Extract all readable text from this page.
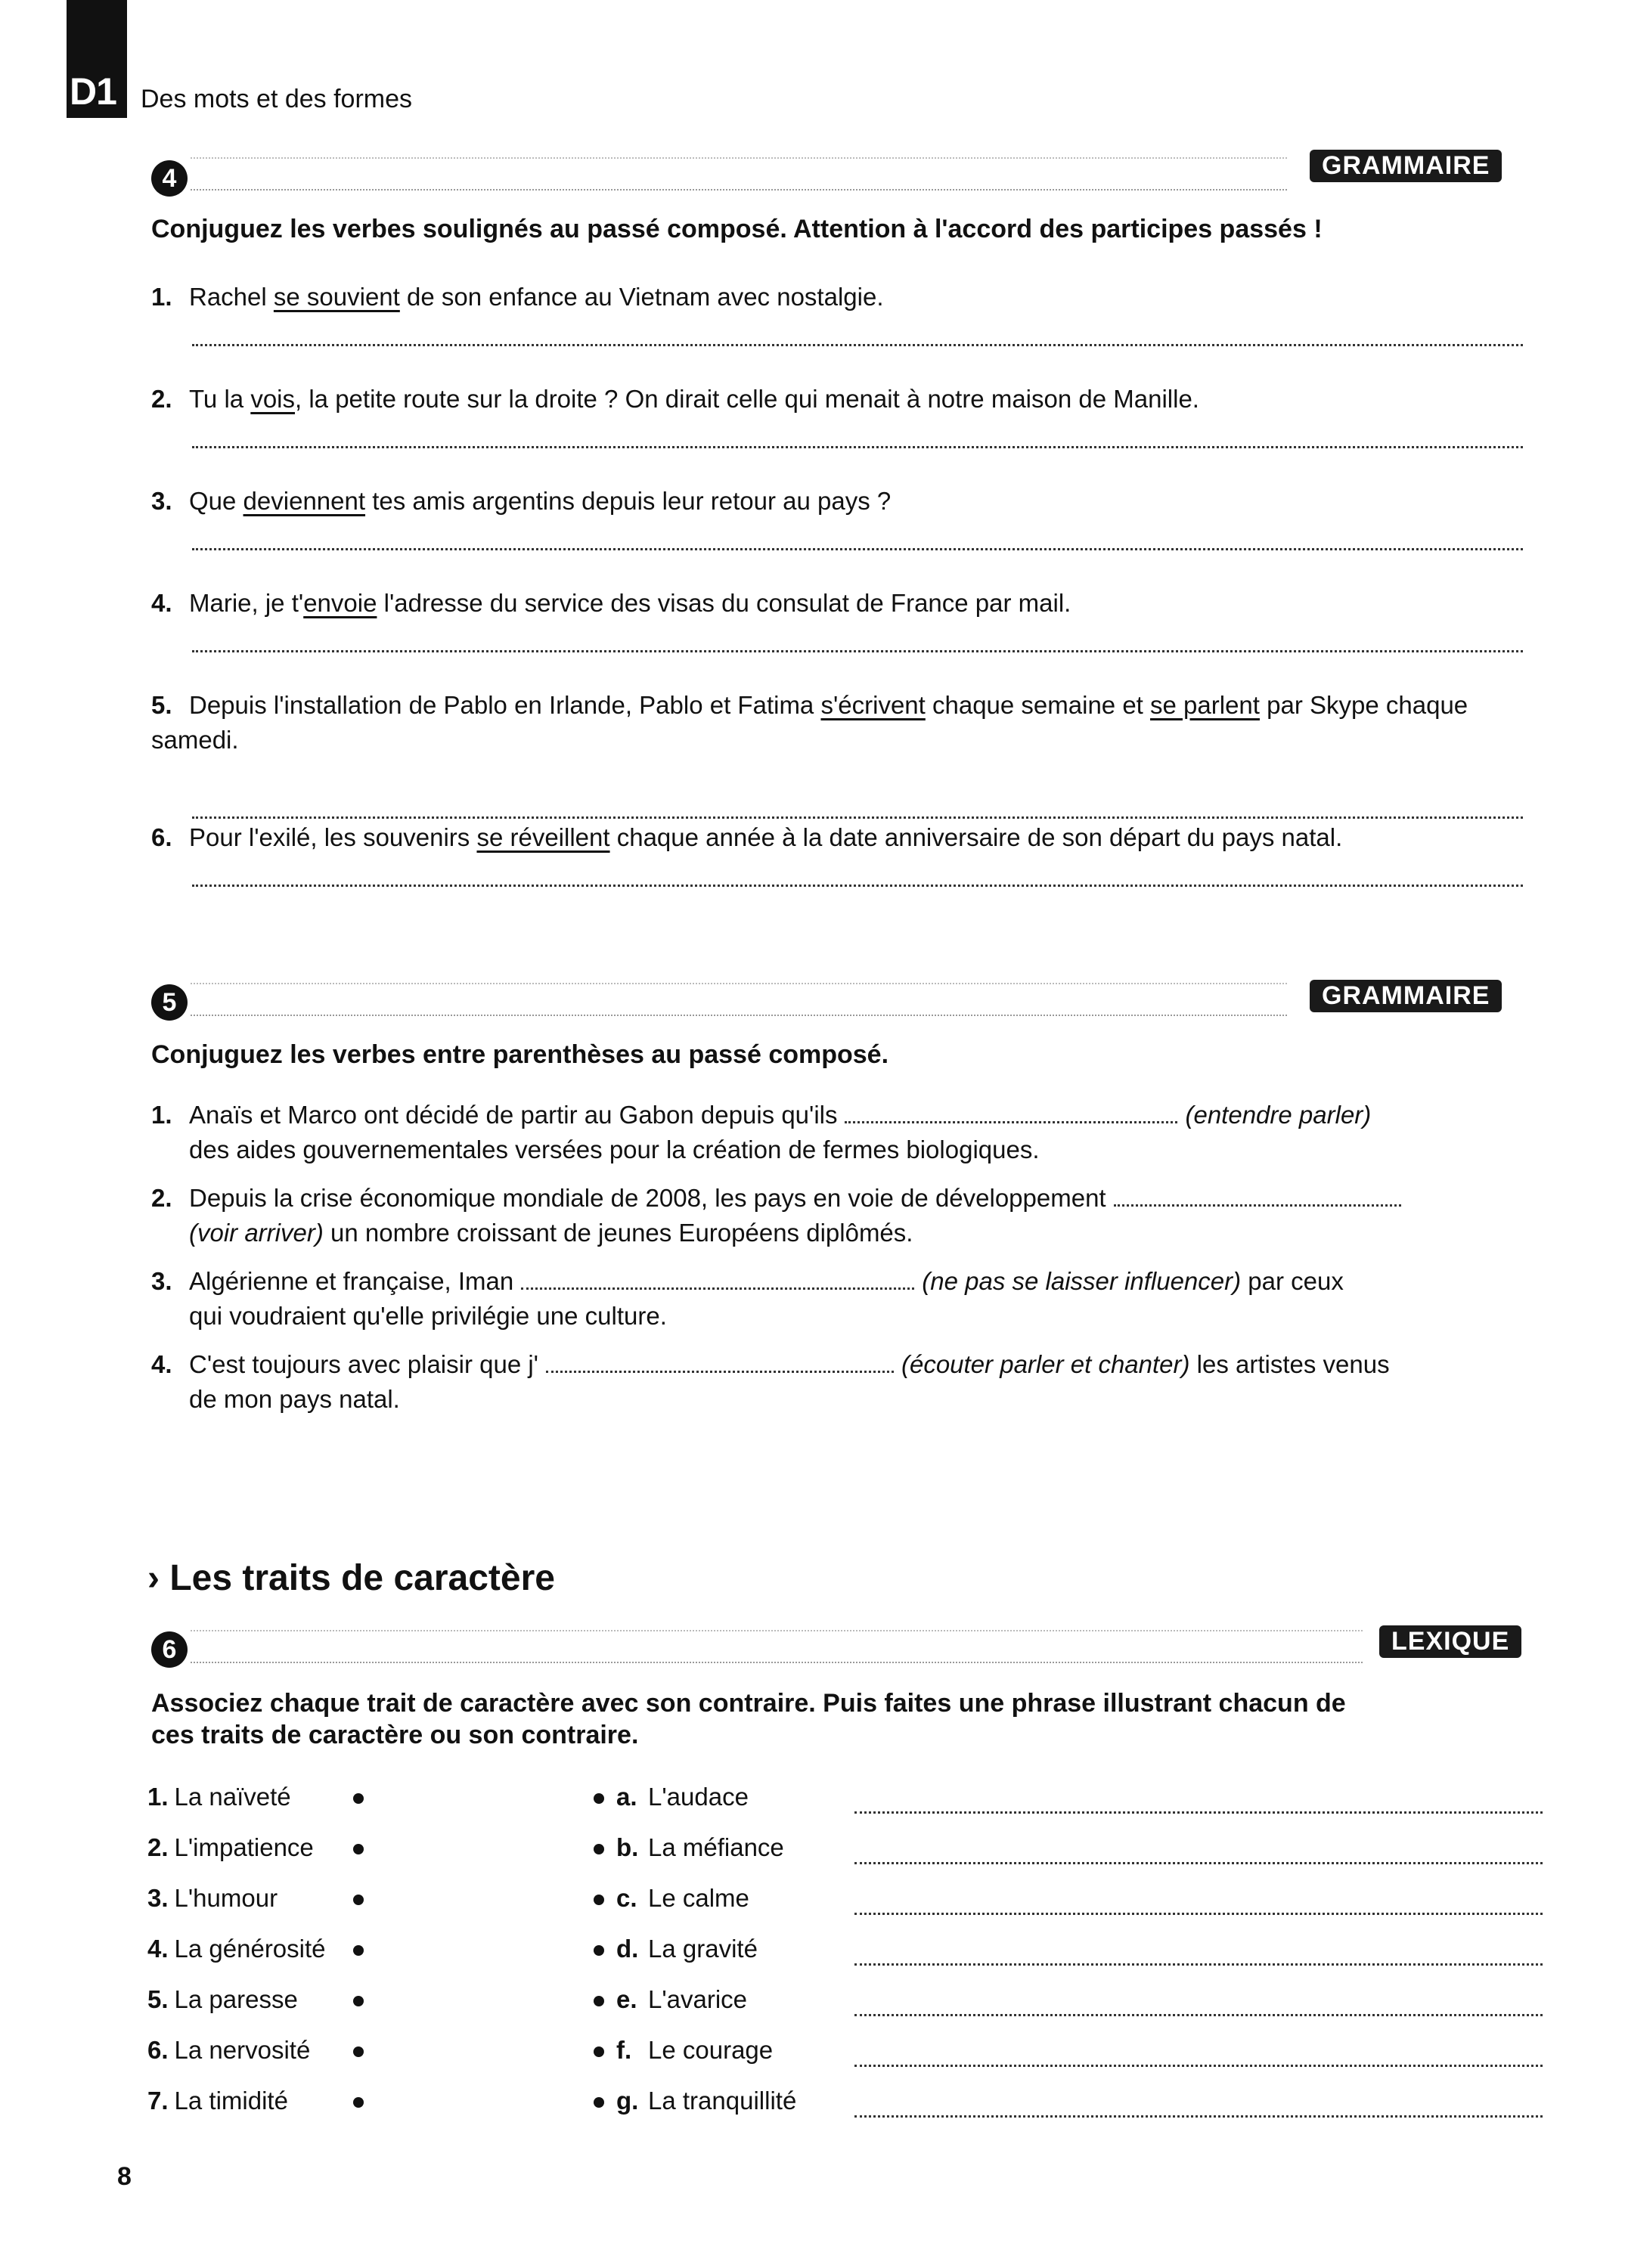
D1 Des mots et des formes
4	GRAMMAIRE
Conjuguez les verbes soulignés au passé composé. Attention à l'accord des participes passés !
1. Rachel se souvient de son enfance au Vietnam avec nostalgie.
2. Tu la vois, la petite route sur la droite ? On dirait celle qui menait à notre maison de Manille.
3. Que deviennent tes amis argentins depuis leur retour au pays ?
4. Marie, je t'envoie l'adresse du service des visas du consulat de France par mail.
5. Depuis l'installation de Pablo en Irlande, Pablo et Fatima s'écrivent chaque semaine et se parlent par Skype chaque samedi.
6. Pour l'exilé, les souvenirs se réveillent chaque année à la date anniversaire de son départ du pays natal.
5	GRAMMAIRE
Conjuguez les verbes entre parenthèses au passé composé.
1. Anaïs et Marco ont décidé de partir au Gabon depuis qu'ils	(entendre parler)
des aides gouvernementales versées pour la création de fermes biologiques.
2. Depuis la crise économique mondiale de 2008, les pays en voie de développement
(voir arriver) un nombre croissant de jeunes Européens diplômés.
3. Algérienne et française, Iman	(ne pas se laisser influencer) par ceux
qui voudraient qu'elle privilégie une culture.
4. C'est toujours avec plaisir que j'	(écouter parler et chanter) les artistes venus
de mon pays natal.
› Les traits de caractère
6	LEXIQUE
Associez chaque trait de caractère avec son contraire. Puis faites une phrase illustrant chacun de
ces traits de caractère ou son contraire.
1. La naïveté	a. L'audace
2. L'impatience	b. La méfiance
3. L'humour	c. Le calme
4. La générosité	d. La gravité
5. La paresse	e. L'avarice
6. La nervosité	f. Le courage
7. La timidité	g. La tranquillité
8
